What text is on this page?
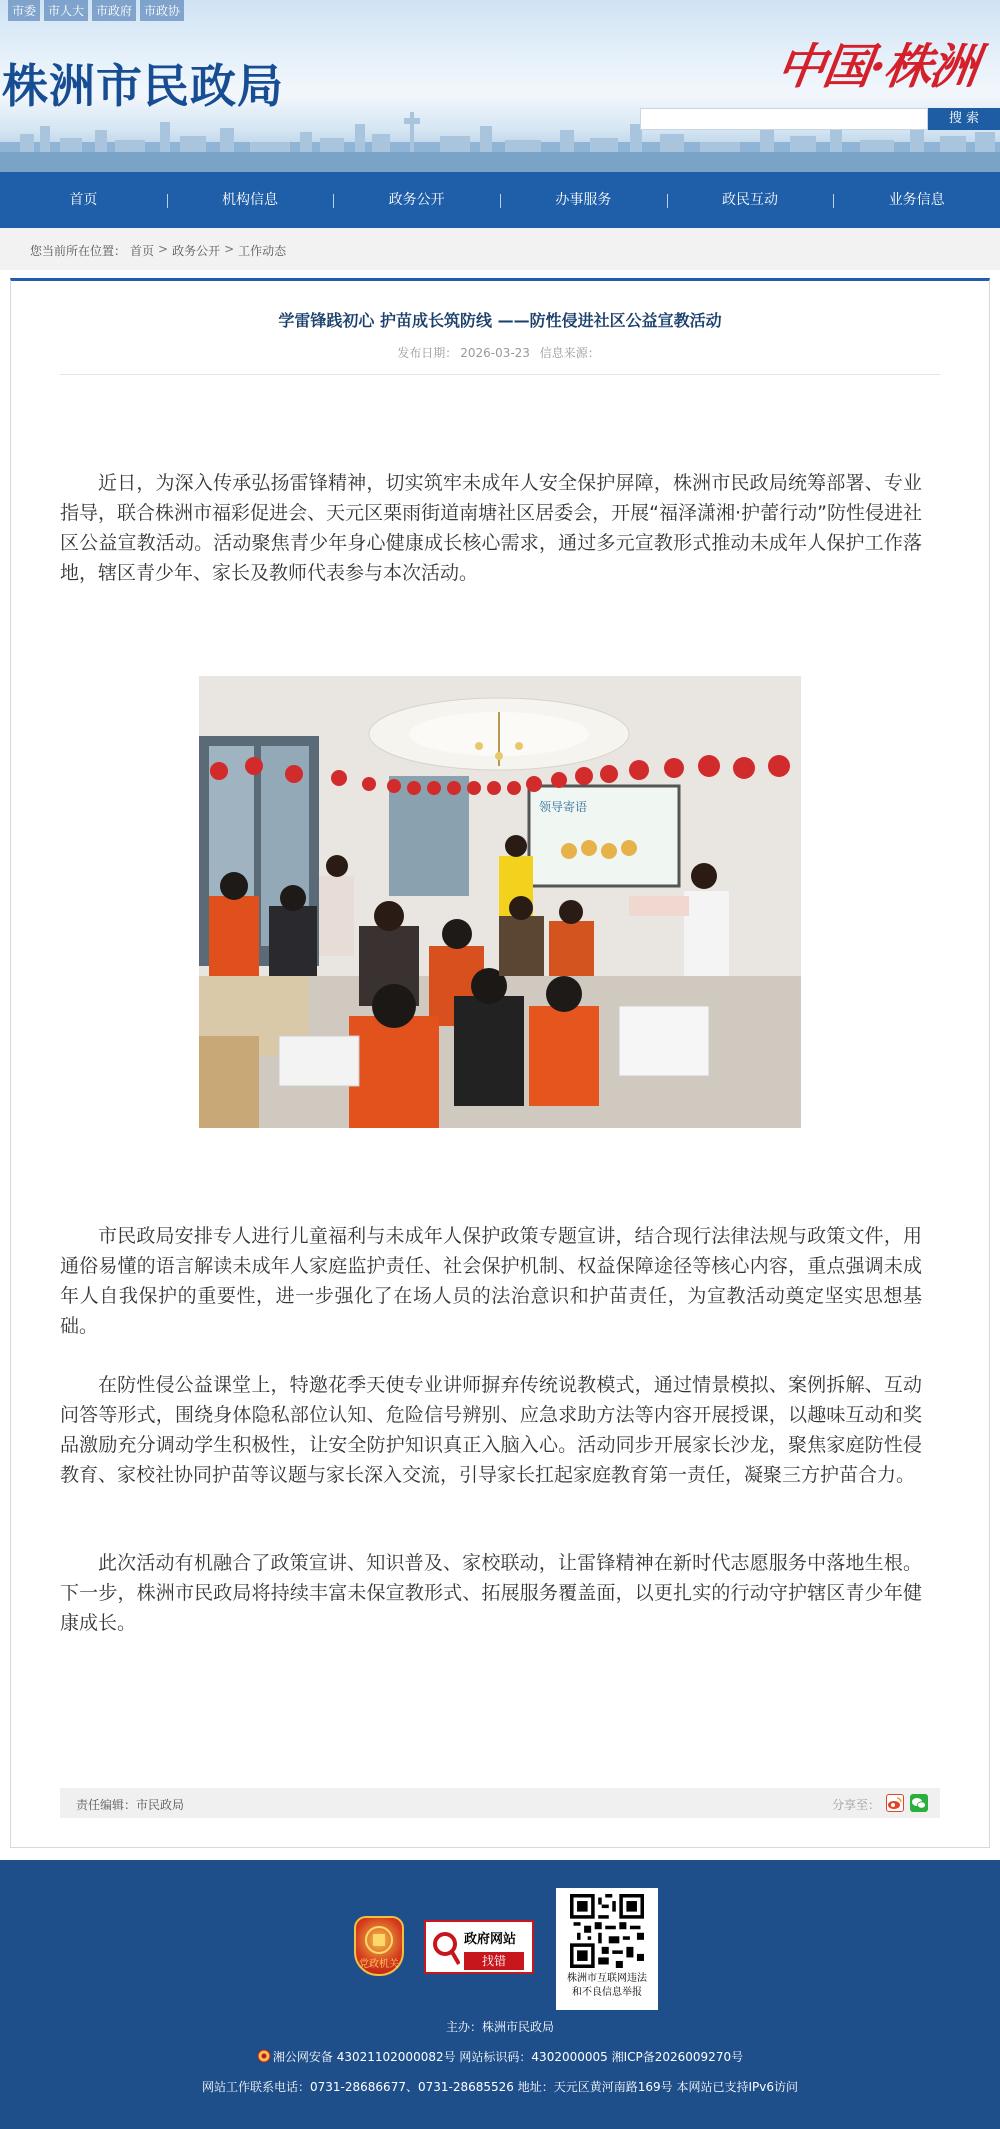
株洲市民政局	中国·株洲
搜 索
市委	市人大	市政府	市政协
首页	机构信息	政务公开	办事服务	政民互动	业务信息
您当前所在位置： 首页 > 政务公开 > 工作动态
学雷锋践初心 护苗成长筑防线 ——防性侵进社区公益宣教活动
发布日期： 2026-03-23 信息来源：

近日，为深入传承弘扬雷锋精神，切实筑牢未成年人安全保护屏障，株洲市民政局统筹部署、专业指导，联合株洲市福彩促进会、天元区栗雨街道南塘社区居委会，开展“福泽潇湘·护蕾行动”防性侵进社区公益宣教活动。活动聚焦青少年身心健康成长核心需求，通过多元宣教形式推动未成年人保护工作落地，辖区青少年、家长及教师代表参与本次活动。

领导寄语

市民政局安排专人进行儿童福利与未成年人保护政策专题宣讲，结合现行法律法规与政策文件，用通俗易懂的语言解读未成年人家庭监护责任、社会保护机制、权益保障途径等核心内容，重点强调未成年人自我保护的重要性，进一步强化了在场人员的法治意识和护苗责任，为宣教活动奠定坚实思想基础。

在防性侵公益课堂上，特邀花季天使专业讲师摒弃传统说教模式，通过情景模拟、案例拆解、互动问答等形式，围绕身体隐私部位认知、危险信号辨别、应急求助方法等内容开展授课，以趣味互动和奖品激励充分调动学生积极性，让安全防护知识真正入脑入心。活动同步开展家长沙龙，聚焦家庭防性侵教育、家校社协同护苗等议题与家长深入交流，引导家长扛起家庭教育第一责任，凝聚三方护苗合力。

此次活动有机融合了政策宣讲、知识普及、家校联动，让雷锋精神在新时代志愿服务中落地生根。下一步，株洲市民政局将持续丰富未保宣教形式、拓展服务覆盖面，以更扎实的行动守护辖区青少年健康成长。

责任编辑：市民政局	分享至：
党政机关
政府网站
找错
株洲市互联网违法
和不良信息举报
主办：株洲市民政局
湘公网安备 43021102000082号 网站标识码：4302000005 湘ICP备2026009270号
网站工作联系电话：0731-28686677、0731-28685526 地址：天元区黄河南路169号 本网站已支持IPv6访问
